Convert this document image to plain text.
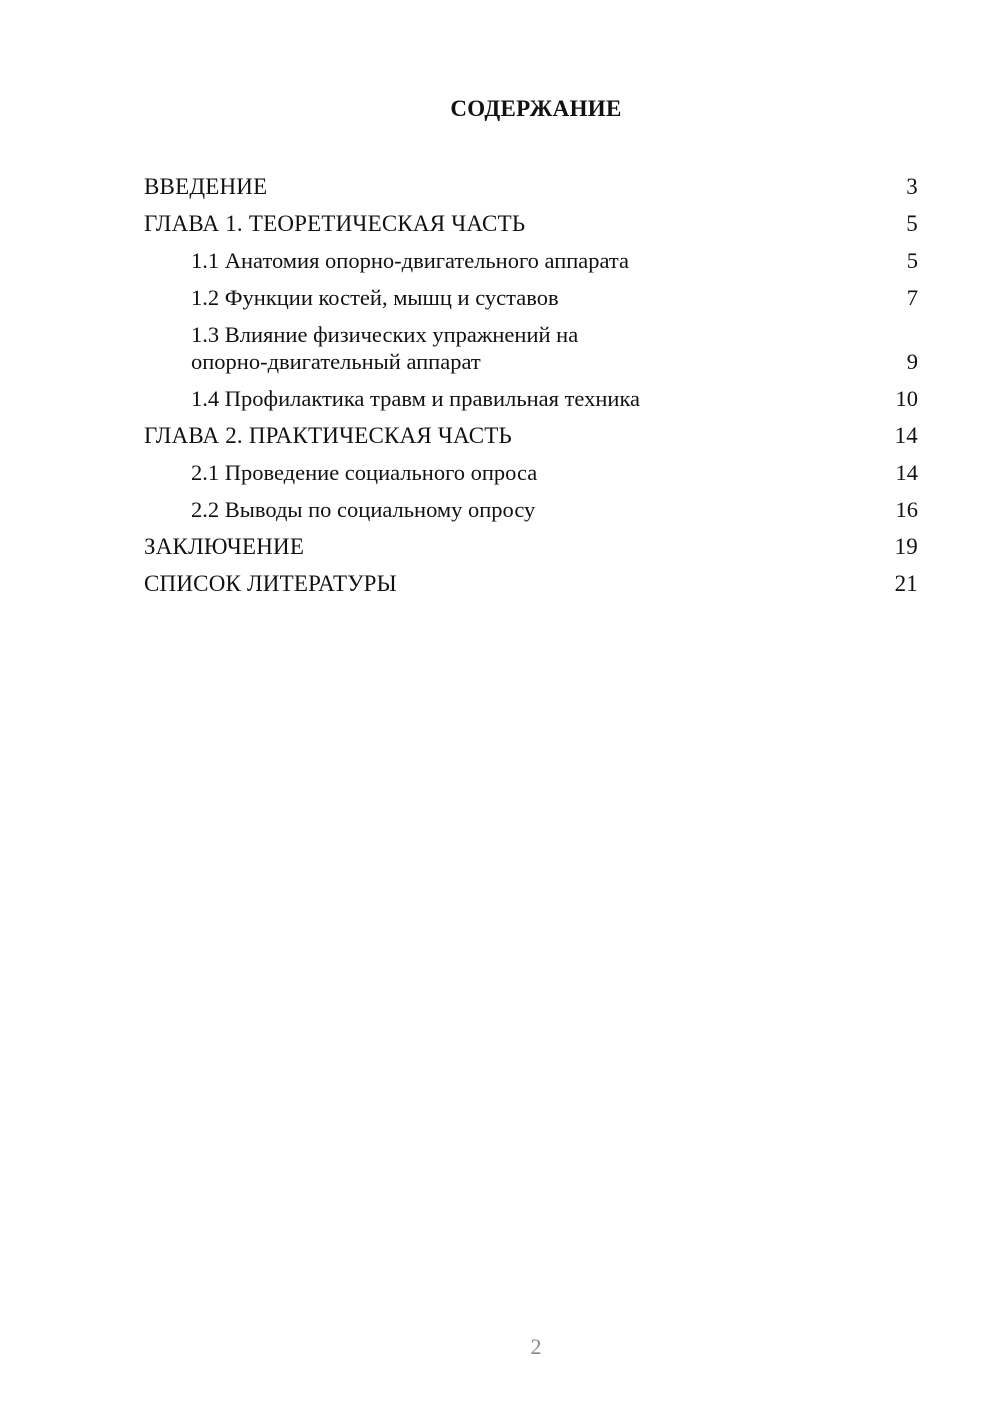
СОДЕРЖАНИЕ
ВВЕДЕНИЕ	3
ГЛАВА 1. ТЕОРЕТИЧЕСКАЯ ЧАСТЬ	5
1.1 Анатомия опорно-двигательного аппарата	5
1.2 Функции костей, мышц и суставов	7
1.3 Влияние физических упражнений на
опорно-двигательный аппарат	9
1.4 Профилактика травм и правильная техника	10
ГЛАВА 2. ПРАКТИЧЕСКАЯ ЧАСТЬ	14
2.1 Проведение социального опроса	14
2.2 Выводы по социальному опросу	16
ЗАКЛЮЧЕНИЕ	19
СПИСОК ЛИТЕРАТУРЫ	21
2
